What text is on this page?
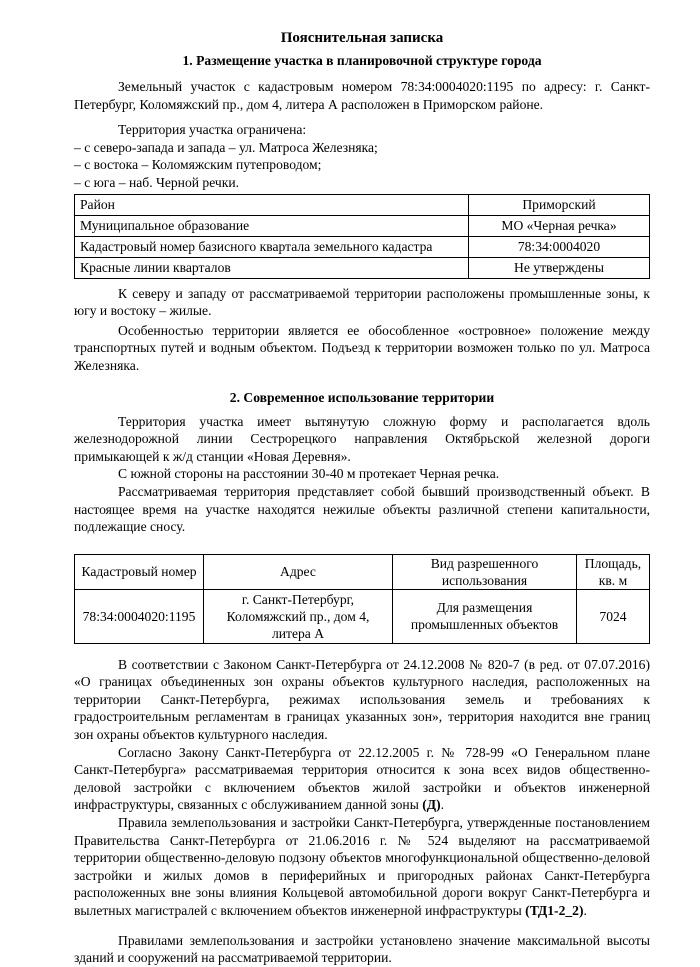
Пояснительная записка
1. Размещение участка в планировочной структуре города

Земельный участок с кадастровым номером 78:34:0004020:1195 по адресу: г. Санкт-Петербург, Коломяжский пр., дом 4, литера А расположен в Приморском районе.

Территория участка ограничена:

– с северо-запада и запада – ул. Матроса Железняка;
– с востока – Коломяжским путепроводом;
– с юга – наб. Черной речки.
Район	Приморский
Муниципальное образование	МО «Черная речка»
Кадастровый номер базисного квартала земельного кадастра	78:34:0004020
Красные линии кварталов	Не утверждены

К северу и западу от рассматриваемой территории расположены промышленные зоны, к югу и востоку – жилые.

Особенностью территории является ее обособленное «островное» положение между транспортных путей и водным объектом. Подъезд к территории возможен только по ул. Матроса Железняка.

2. Современное использование территории

Территория участка имеет вытянутую сложную форму и располагается вдоль железнодорожной линии Сестрорецкого направления Октябрьской железной дороги примыкающей к ж/д станции «Новая Деревня».

С южной стороны на расстоянии 30-40 м протекает Черная речка.

Рассматриваемая территория представляет собой бывший производственный объект. В настоящее время на участке находятся нежилые объекты различной степени капитальности, подлежащие сносу.

Кадастровый номер	Адрес	Вид разрешенного использования	Площадь, кв. м
78:34:0004020:1195	г. Санкт-Петербург, Коломяжский пр., дом 4, литера А	Для размещения промышленных объектов	7024

В соответствии с Законом Санкт-Петербурга от 24.12.2008 № 820-7 (в ред. от 07.07.2016) «О границах объединенных зон охраны объектов культурного наследия, расположенных на территории Санкт-Петербурга, режимах использования земель и требованиях к градостроительным регламентам в границах указанных зон», территория находится вне границ зон охраны объектов культурного наследия.

Согласно Закону Санкт-Петербурга от 22.12.2005 г. № 728-99 «О Генеральном плане Санкт-Петербурга» рассматриваемая территория относится к зона всех видов общественно-деловой застройки с включением объектов жилой застройки и объектов инженерной инфраструктуры, связанных с обслуживанием данной зоны (Д).

Правила землепользования и застройки Санкт-Петербурга, утвержденные постановлением Правительства Санкт-Петербурга от 21.06.2016 г. № 524 выделяют на рассматриваемой территории общественно-деловую подзону объектов многофункциональной общественно-деловой застройки и жилых домов в периферийных и пригородных районах Санкт-Петербурга расположенных вне зоны влияния Кольцевой автомобильной дороги вокруг Санкт-Петербурга и вылетных магистралей с включением объектов инженерной инфраструктуры (ТД1-2_2).

Правилами землепользования и застройки установлено значение максимальной высоты зданий и сооружений на рассматриваемой территории.
